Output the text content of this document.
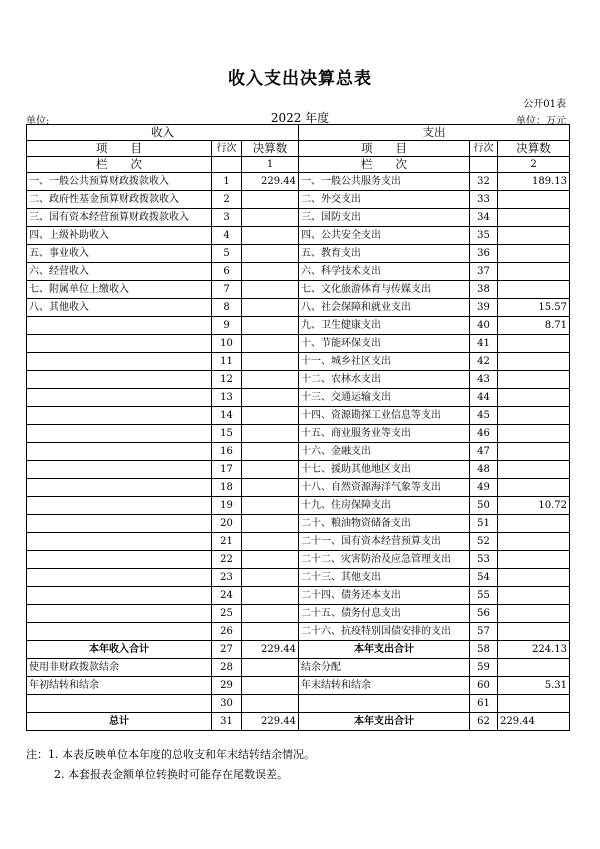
收入支出决算总表
公开01表
单位:	2022 年度	单位：万元
收入			支出		
项　　目	行次	决算数	项　　目	行次	决算数
栏　　次		1	栏　　次		2
一、一般公共预算财政拨款收入	1	229.44	一、一般公共服务支出	32	189.13
二、政府性基金预算财政拨款收入	2		二、外交支出	33	
三、国有资本经营预算财政拨款收入	3		三、国防支出	34	
四、上级补助收入	4		四、公共安全支出	35	
五、事业收入	5		五、教育支出	36	
六、经营收入	6		六、科学技术支出	37	
七、附属单位上缴收入	7		七、文化旅游体育与传媒支出	38	
八、其他收入	8		八、社会保障和就业支出	39	15.57
	9		九、卫生健康支出	40	8.71
	10		十、节能环保支出	41	
	11		十一、城乡社区支出	42	
	12		十二、农林水支出	43	
	13		十三、交通运输支出	44	
	14		十四、资源勘探工业信息等支出	45	
	15		十五、商业服务业等支出	46	
	16		十六、金融支出	47	
	17		十七、援助其他地区支出	48	
	18		十八、自然资源海洋气象等支出	49	
	19		十九、住房保障支出	50	10.72
	20		二十、粮油物资储备支出	51	
	21		二十一、国有资本经营预算支出	52	
	22		二十二、灾害防治及应急管理支出	53	
	23		二十三、其他支出	54	
	24		二十四、债务还本支出	55	
	25		二十五、债务付息支出	56	
	26		二十六、抗疫特别国债安排的支出	57	
本年收入合计	27	229.44	本年支出合计	58	224.13
使用非财政拨款结余	28		结余分配	59	
年初结转和结余	29		年末结转和结余	60	5.31
	30			61	
总计	31	229.44	本年支出合计	62	229.44
注：1. 本表反映单位本年度的总收支和年末结转结余情况。
2. 本套报表金额单位转换时可能存在尾数误差。
